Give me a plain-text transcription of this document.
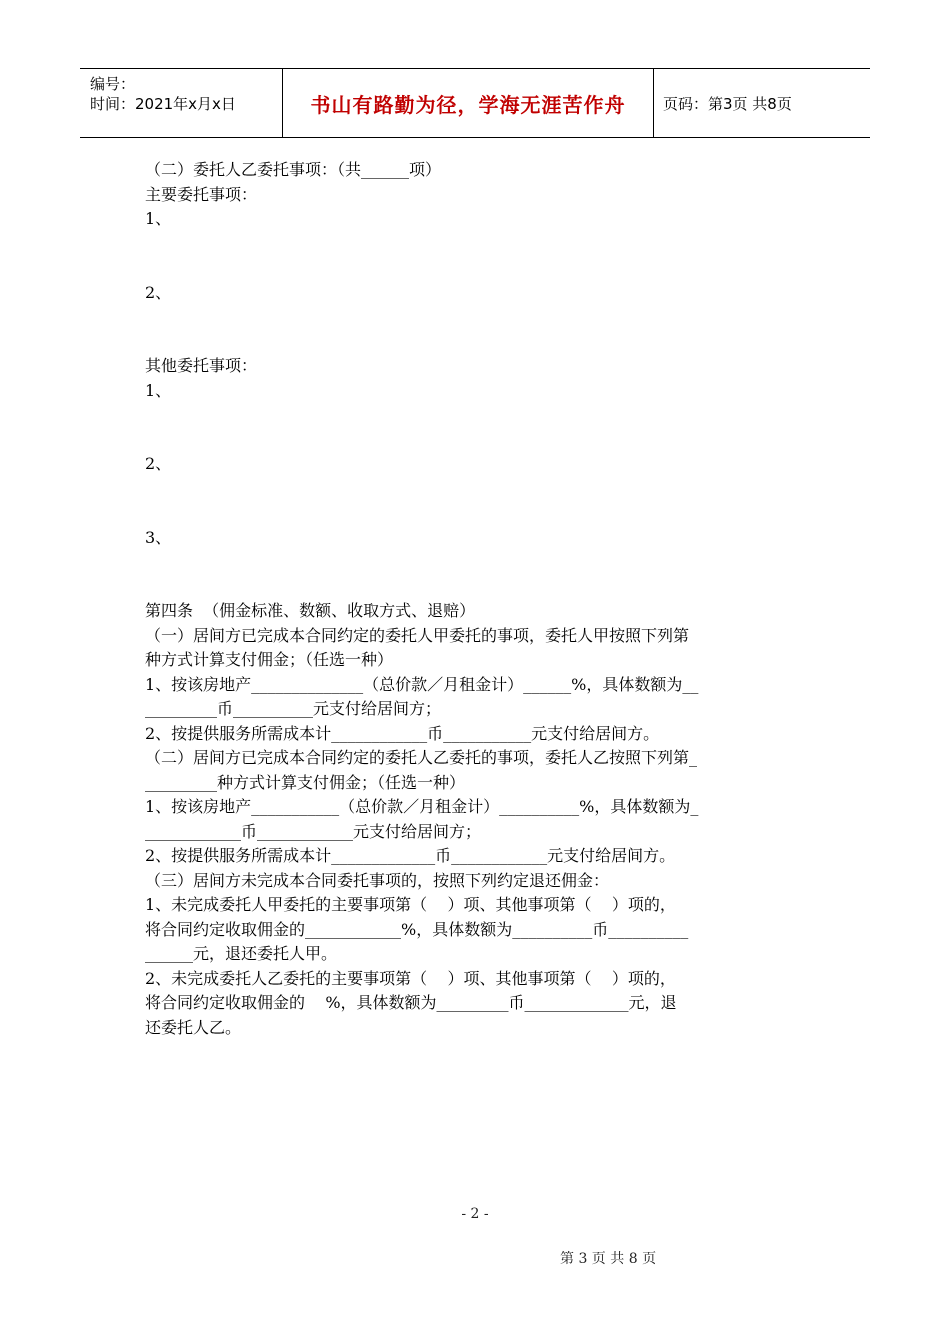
编号：
时间：2021年x月x日	书山有路勤为径，学海无涯苦作舟	页码：第3页 共8页
（二）委托人乙委托事项：（共______项）
主要委托事项：
1、
2、
其他委托事项：
1、
2、
3、
第四条  （佣金标准、数额、收取方式、退赔）
（一）居间方已完成本合同约定的委托人甲委托的事项，委托人甲按照下列第
种方式计算支付佣金；（任选一种）
1、按该房地产______________（总价款／月租金计）______%，具体数额为__
_________币__________元支付给居间方；
2、按提供服务所需成本计____________币___________元支付给居间方。
（二）居间方已完成本合同约定的委托人乙委托的事项，委托人乙按照下列第_
_________种方式计算支付佣金；（任选一种）
1、按该房地产___________（总价款／月租金计）__________%，具体数额为_
____________币____________元支付给居间方；
2、按提供服务所需成本计_____________币____________元支付给居间方。
（三）居间方未完成本合同委托事项的，按照下列约定退还佣金：
1、未完成委托人甲委托的主要事项第（    ）项、其他事项第（    ）项的，
将合同约定收取佣金的____________%，具体数额为__________币__________
______元，退还委托人甲。
2、未完成委托人乙委托的主要事项第（    ）项、其他事项第（    ）项的，
将合同约定收取佣金的    %，具体数额为_________币_____________元，退
还委托人乙。
- 2 -
第 3 页 共 8 页
